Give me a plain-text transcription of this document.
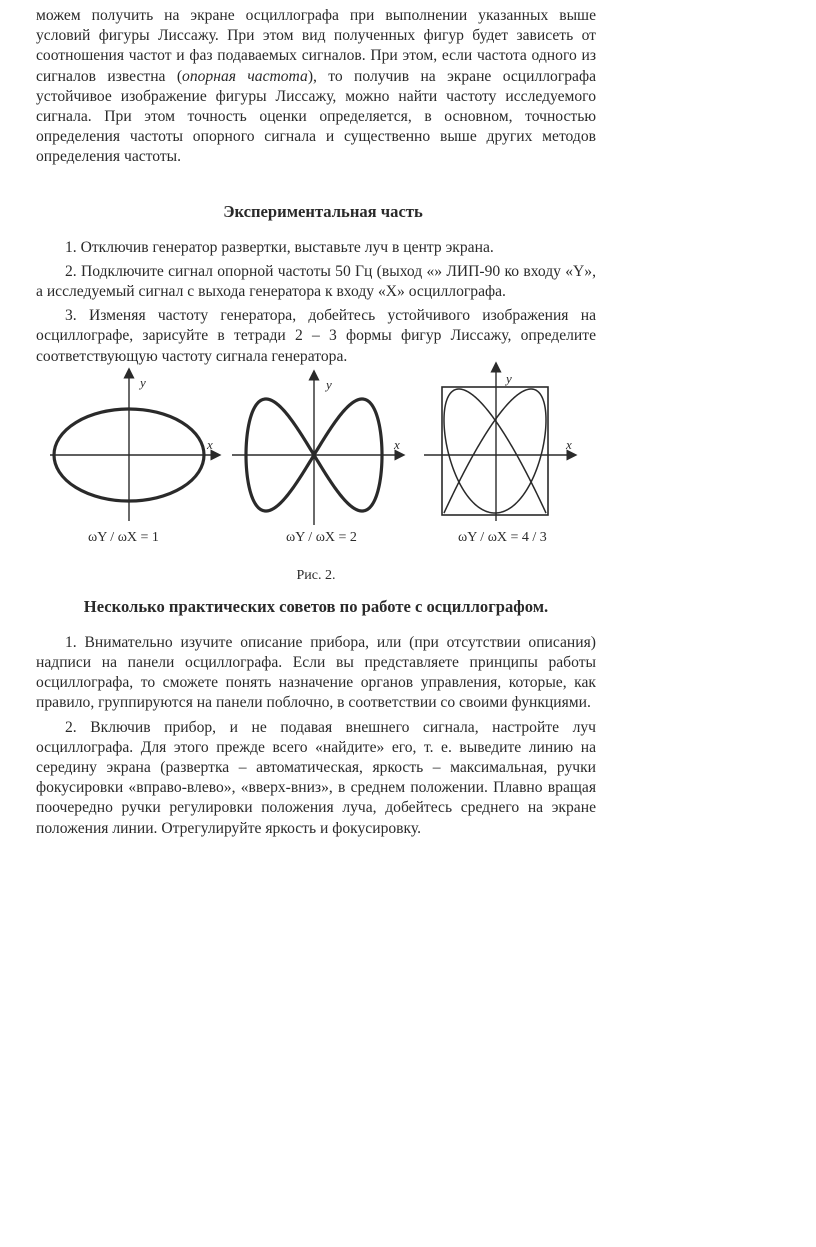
можем получить на экране осциллографа при выполнении указанных выше условий фигуры Лиссажу. При этом вид полученных фигур будет зависеть от соотношения частот и фаз подаваемых сигналов. При этом, если частота одного из сигналов известна (опорная частота), то получив на экране осциллографа устойчивое изображение фигуры Лиссажу, можно найти частоту исследуемого сигнала. При этом точность оценки определяется, в основном, точностью определения частоты опорного сигнала и существенно выше других методов определения частоты.

Экспериментальная часть

1. Отключив генератор развертки, выставьте луч в центр экрана.

2. Подключите сигнал опорной частоты 50 Гц (выход «» ЛИП-90 ко входу «Y», а исследуемый сигнал с выхода генератора к входу «X» осциллографа.

3. Изменяя частоту генератора, добейтесь устойчивого изображения на осциллографе, зарисуйте в тетради 2 – 3 формы фигур Лиссажу, определите соответствующую частоту сигнала генератора.

x
y
ωY / ωX = 1
x
y
ωY / ωX = 2
x
y
ωY / ωX = 4 / 3
Рис. 2.
Несколько практических советов по работе с осциллографом.

1. Внимательно изучите описание прибора, или (при отсутствии описания) надписи на панели осциллографа. Если вы представляете принципы работы осциллографа, то сможете понять назначение органов управления, которые, как правило, группируются на панели поблочно, в соответствии со своими функциями.

2. Включив прибор, и не подавая внешнего сигнала, настройте луч осциллографа. Для этого прежде всего «найдите» его, т. е. выведите линию на середину экрана (развертка – автоматическая, яркость – максимальная, ручки фокусировки «вправо-влево», «вверх-вниз», в среднем положении. Плавно вращая поочередно ручки регулировки положения луча, добейтесь среднего на экране положения линии. Отрегулируйте яркость и фокусировку.
